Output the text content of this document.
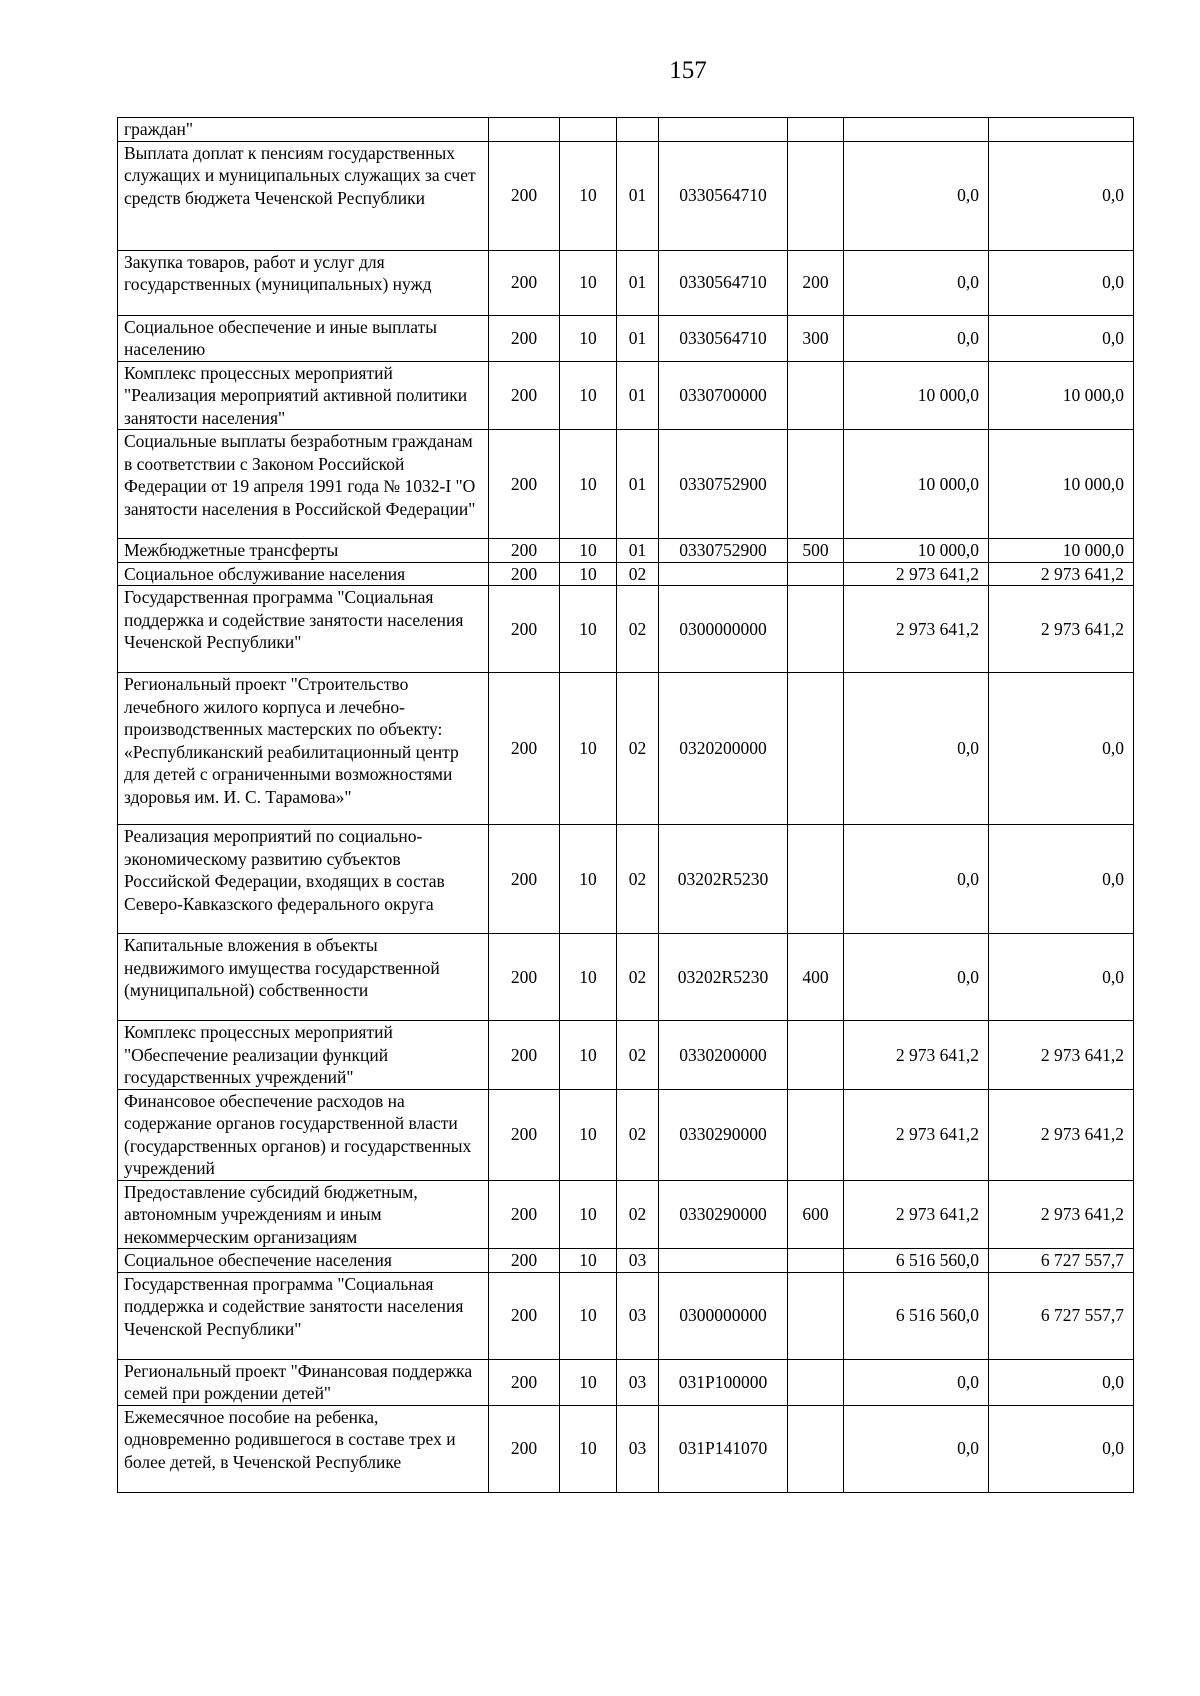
157
граждан"							
Выплата доплат к пенсиям государственных служащих и муниципальных служащих за счет средств бюджета Чеченской Республики	200	10	01	0330564710		0,0	0,0
Закупка товаров, работ и услуг для государственных (муниципальных) нужд	200	10	01	0330564710	200	0,0	0,0
Социальное обеспечение и иные выплаты населению	200	10	01	0330564710	300	0,0	0,0
Комплекс процессных мероприятий "Реализация мероприятий активной политики занятости населения"	200	10	01	0330700000		10 000,0	10 000,0
Социальные выплаты безработным гражданам в соответствии с Законом Российской Федерации от 19 апреля 1991 года № 1032-I "О занятости населения в Российской Федерации"	200	10	01	0330752900		10 000,0	10 000,0
Межбюджетные трансферты	200	10	01	0330752900	500	10 000,0	10 000,0
Социальное обслуживание населения	200	10	02			2 973 641,2	2 973 641,2
Государственная программа "Социальная поддержка и содействие занятости населения Чеченской Республики"	200	10	02	0300000000		2 973 641,2	2 973 641,2
Региональный проект "Строительство лечебного жилого корпуса и лечебно-производственных мастерских по объекту: «Республиканский реабилитационный центр для детей с ограниченными возможностями здоровья им. И. С. Тарамова»"	200	10	02	0320200000		0,0	0,0
Реализация мероприятий по социально-экономическому развитию субъектов Российской Федерации, входящих в состав Северо-Кавказского федерального округа	200	10	02	03202R5230		0,0	0,0
Капитальные вложения в объекты недвижимого имущества государственной (муниципальной) собственности	200	10	02	03202R5230	400	0,0	0,0
Комплекс процессных мероприятий "Обеспечение реализации функций государственных учреждений"	200	10	02	0330200000		2 973 641,2	2 973 641,2
Финансовое обеспечение расходов на содержание органов государственной власти (государственных органов) и государственных учреждений	200	10	02	0330290000		2 973 641,2	2 973 641,2
Предоставление субсидий бюджетным, автономным учреждениям и иным некоммерческим организациям	200	10	02	0330290000	600	2 973 641,2	2 973 641,2
Социальное обеспечение населения	200	10	03			6 516 560,0	6 727 557,7
Государственная программа "Социальная поддержка и содействие занятости населения Чеченской Республики"	200	10	03	0300000000		6 516 560,0	6 727 557,7
Региональный проект "Финансовая поддержка семей при рождении детей"	200	10	03	031P100000		0,0	0,0
Ежемесячное пособие на ребенка, одновременно родившегося в составе трех и более детей, в Чеченской Республике	200	10	03	031P141070		0,0	0,0
